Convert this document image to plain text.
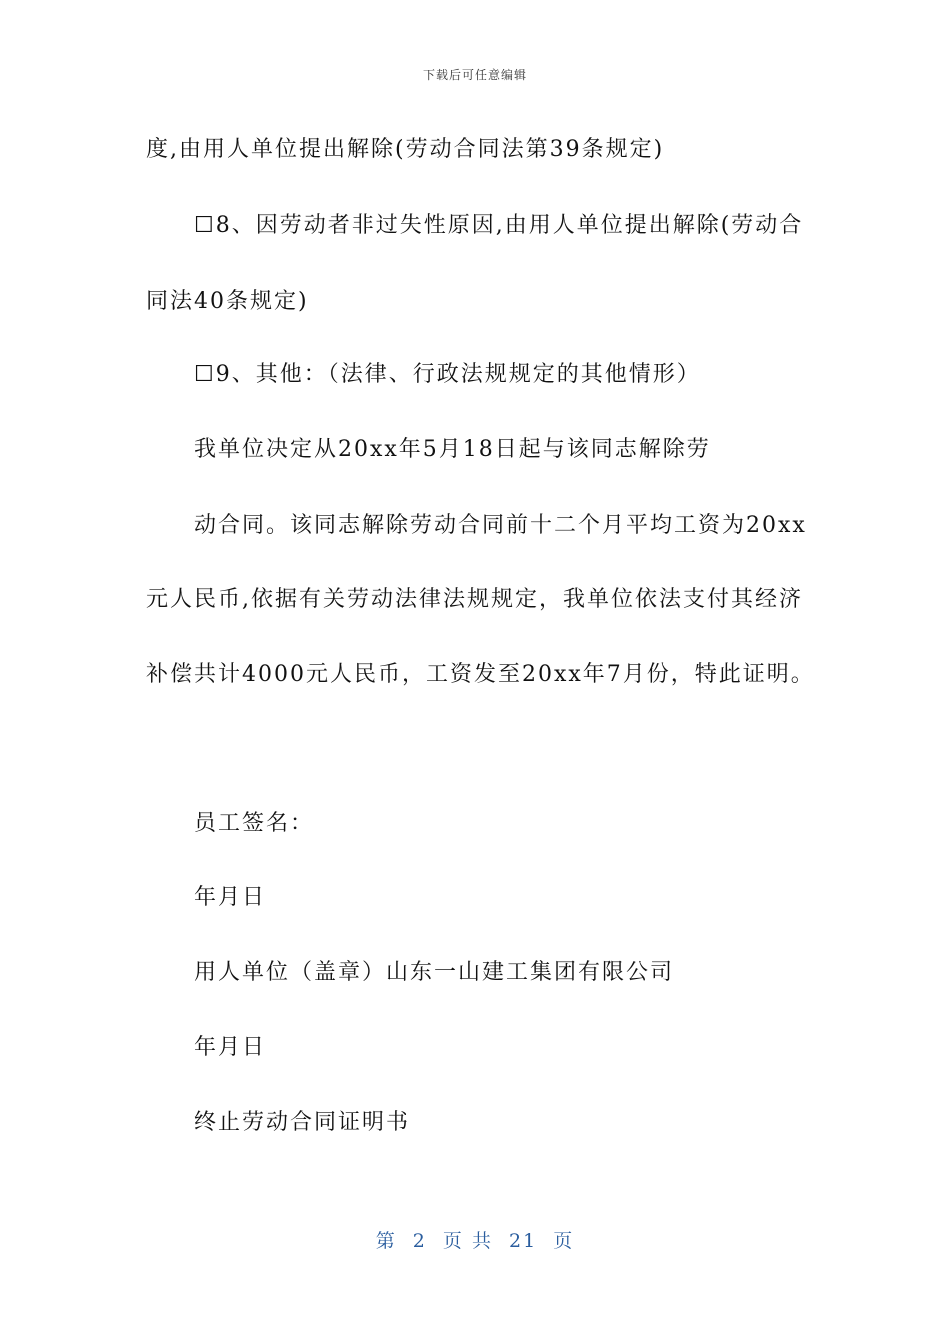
下载后可任意编辑
度,由用人单位提出解除(劳动合同法第39条规定)
☐8、因劳动者非过失性原因,由用人单位提出解除(劳动合
同法40条规定)
☐9、其他：（法律、行政法规规定的其他情形）
我单位决定从20xx年5月18日起与该同志解除劳
动合同。该同志解除劳动合同前十二个月平均工资为20xx
元人民币,依据有关劳动法律法规规定，我单位依法支付其经济
补偿共计4000元人民币，工资发至20xx年7月份，特此证明。
员工签名：
年月日
用人单位（盖章）山东一山建工集团有限公司
年月日
终止劳动合同证明书
第 2 页 共 21 页
